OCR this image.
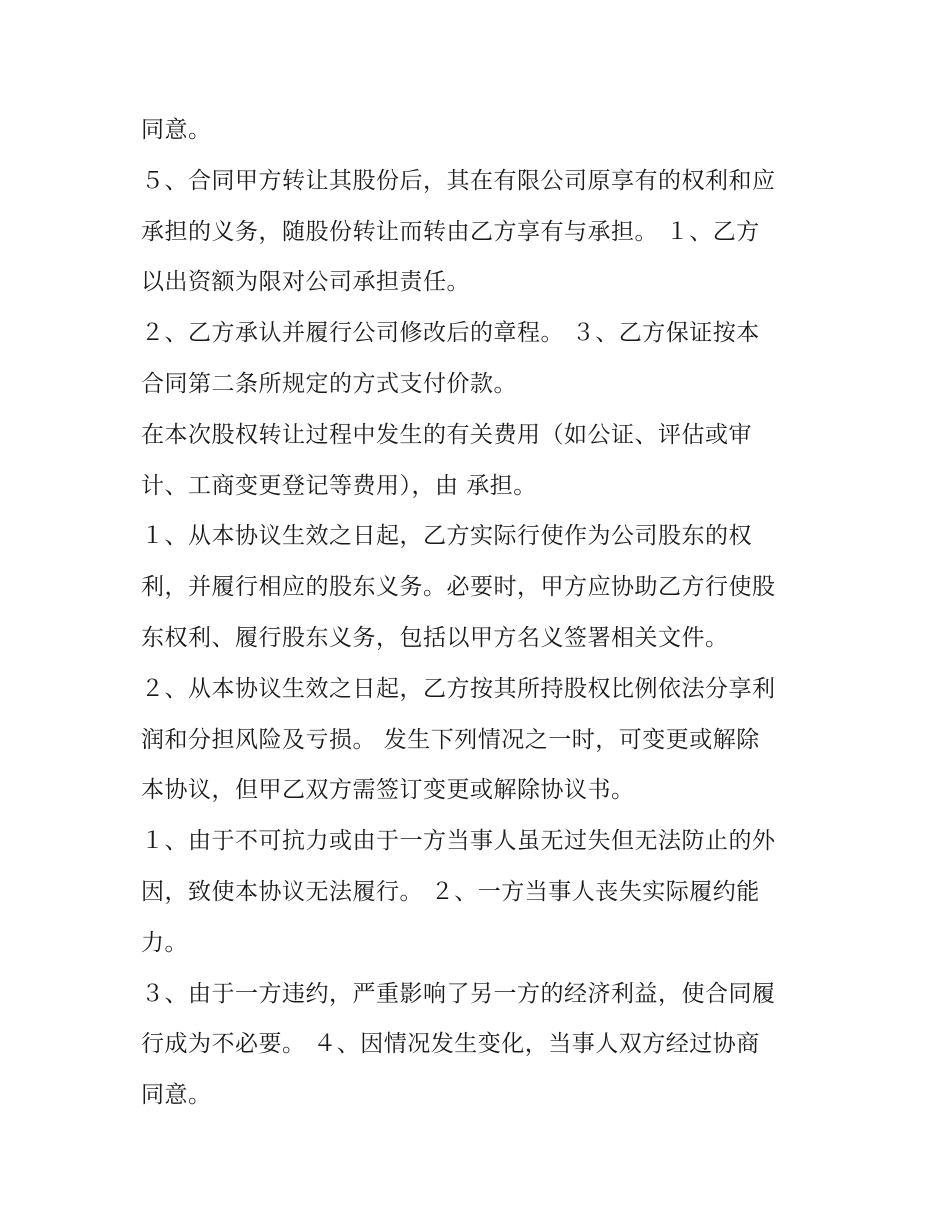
同意。
５、合同甲方转让其股份后，其在有限公司原享有的权利和应
承担的义务，随股份转让而转由乙方享有与承担。 １、乙方
以出资额为限对公司承担责任。
２、乙方承认并履行公司修改后的章程。 ３、乙方保证按本
合同第二条所规定的方式支付价款。
在本次股权转让过程中发生的有关费用（如公证、评估或审
计、工商变更登记等费用），由 承担。
１、从本协议生效之日起，乙方实际行使作为公司股东的权
利，并履行相应的股东义务。必要时，甲方应协助乙方行使股
东权利、履行股东义务，包括以甲方名义签署相关文件。
２、从本协议生效之日起，乙方按其所持股权比例依法分享利
润和分担风险及亏损。 发生下列情况之一时，可变更或解除
本协议，但甲乙双方需签订变更或解除协议书。
１、由于不可抗力或由于一方当事人虽无过失但无法防止的外
因，致使本协议无法履行。 ２、一方当事人丧失实际履约能
力。
３、由于一方违约，严重影响了另一方的经济利益，使合同履
行成为不必要。 ４、因情况发生变化，当事人双方经过协商
同意。
